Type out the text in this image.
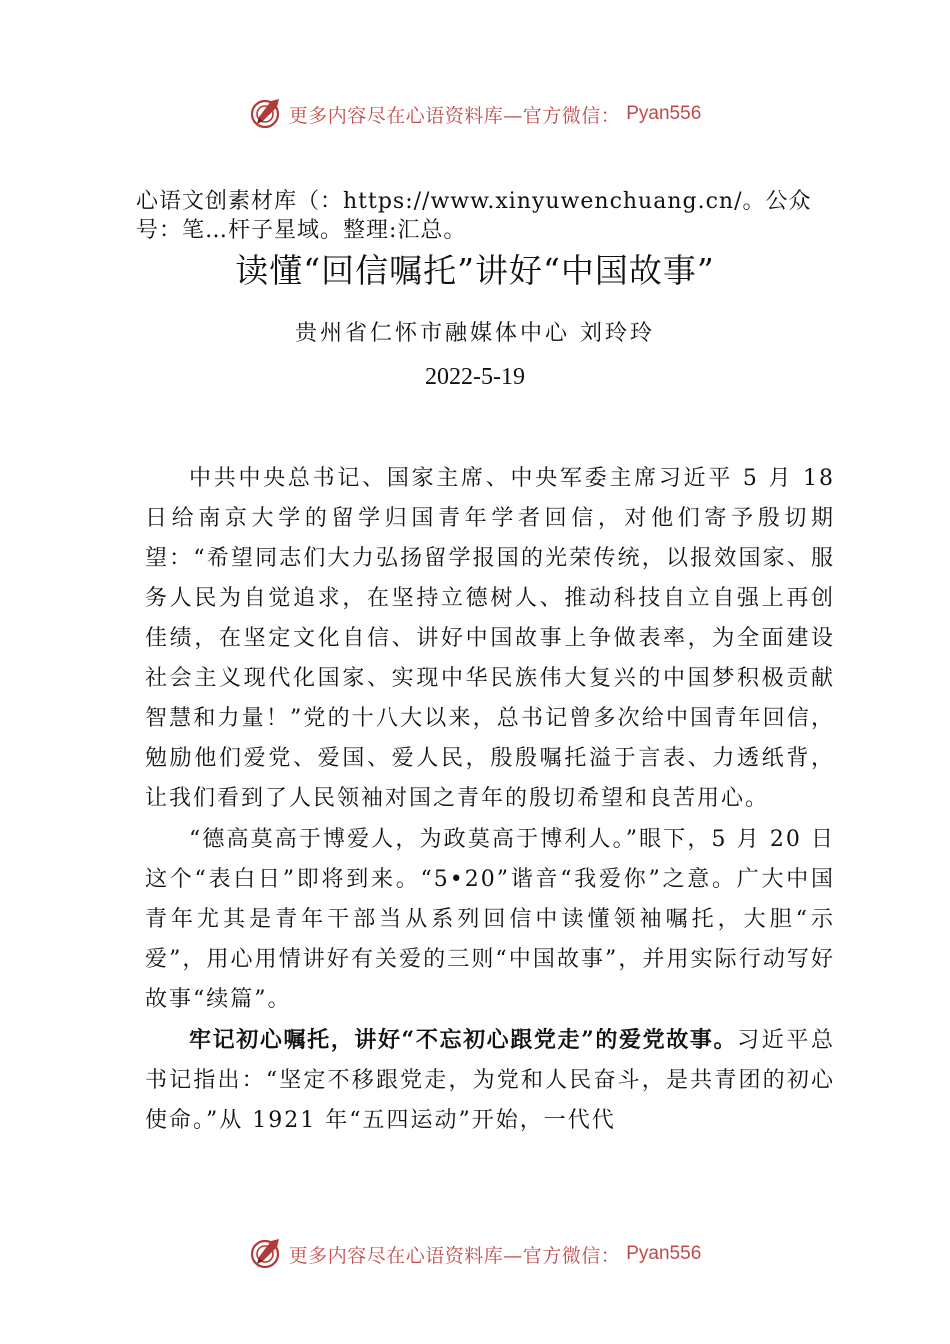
更多内容尽在心语资料库—官方微信： Pyan556
心语文创素材库（：https://www.xinyuwenchuang.cn/。公众号：笔…杆子星域。整理:汇总。
读懂“回信嘱托”讲好“中国故事”
贵州省仁怀市融媒体中心 刘玲玲
2022-5-19

中共中央总书记、国家主席、中央军委主席习近平 5 月 18 日给南京大学的留学归国青年学者回信，对他们寄予殷切期望：“希望同志们大力弘扬留学报国的光荣传统，以报效国家、服务人民为自觉追求，在坚持立德树人、推动科技自立自强上再创佳绩，在坚定文化自信、讲好中国故事上争做表率，为全面建设社会主义现代化国家、实现中华民族伟大复兴的中国梦积极贡献智慧和力量！”党的十八大以来，总书记曾多次给中国青年回信，勉励他们爱党、爱国、爱人民，殷殷嘱托溢于言表、力透纸背，让我们看到了人民领袖对国之青年的殷切希望和良苦用心。

“德高莫高于博爱人，为政莫高于博利人。”眼下，5 月 20 日这个“表白日”即将到来。“5•20”谐音“我爱你”之意。广大中国青年尤其是青年干部当从系列回信中读懂领袖嘱托，大胆“示爱”，用心用情讲好有关爱的三则“中国故事”，并用实际行动写好故事“续篇”。

牢记初心嘱托，讲好“不忘初心跟党走”的爱党故事。习近平总书记指出：“坚定不移跟党走，为党和人民奋斗，是共青团的初心使命。”从 1921 年“五四运动”开始，一代代

更多内容尽在心语资料库—官方微信： Pyan556
